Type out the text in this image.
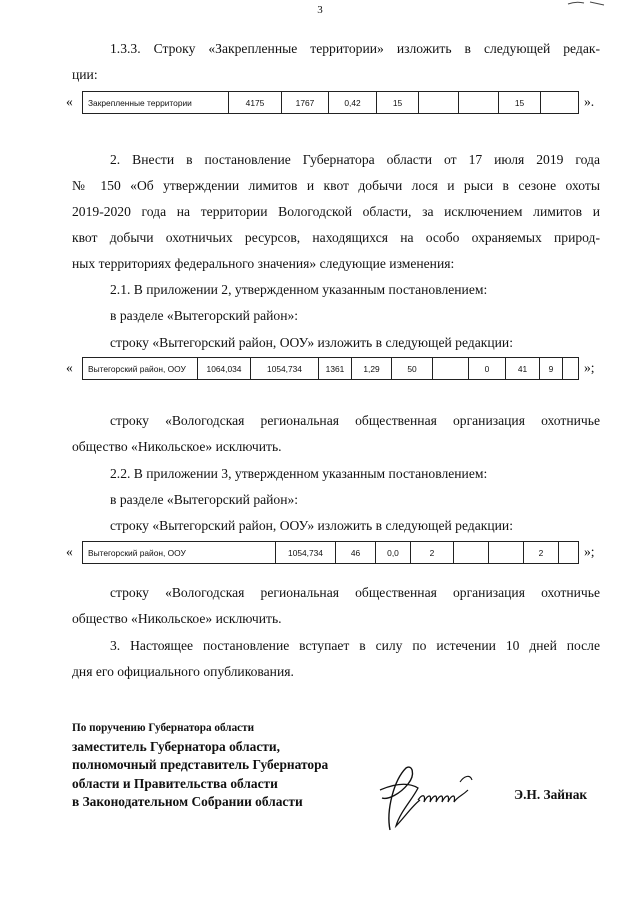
3
1.3.3. Строку «Закрепленные территории» изложить в следующей редак-
ции:
« Закрепленные территории	4175	1767	0,42	15			15		».
2. Внести в постановление Губернатора области от 17 июля 2019 года
№ 150 «Об утверждении лимитов и квот добычи лося и рыси в сезоне охоты
2019-2020 года на территории Вологодской области, за исключением лимитов и
квот добычи охотничьих ресурсов, находящихся на особо охраняемых природ-
ных территориях федерального значения» следующие изменения:
2.1. В приложении 2, утвержденном указанным постановлением:
в разделе «Вытегорский район»:
строку «Вытегорский район, ООУ» изложить в следующей редакции:
« Вытегорский район, ООУ	1064,034	1054,734	1361	1,29	50		0	41	9	»;
строку «Вологодская региональная общественная организация охотничье
общество «Никольское» исключить.
2.2. В приложении 3, утвержденном указанным постановлением:
в разделе «Вытегорский район»:
строку «Вытегорский район, ООУ» изложить в следующей редакции:
« Вытегорский район, ООУ	1054,734	46	0,0	2			2		»;
строку «Вологодская региональная общественная организация охотничье
общество «Никольское» исключить.
3. Настоящее постановление вступает в силу по истечении 10 дней после
дня его официального опубликования.
По поручению Губернатора области
заместитель Губернатора области,
полномочный представитель Губернатора
области и Правительства области
в Законодательном Собрании области	Э.Н. Зайнак
